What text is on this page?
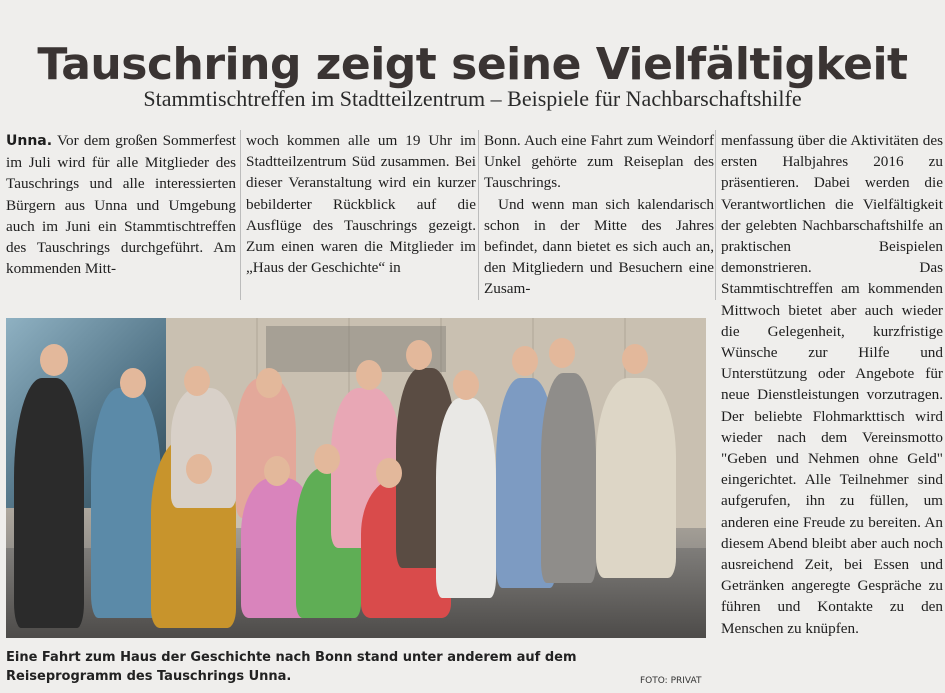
Tauschring zeigt seine Vielfältigkeit
Stammtischtreffen im Stadtteilzentrum – Beispiele für Nachbarschaftshilfe

Unna. Vor dem großen Sommerfest im Juli wird für alle Mitglieder des Tauschrings und alle interessierten Bürgern aus Unna und Umgebung auch im Juni ein Stammtischtreffen des Tauschrings durchgeführt. Am kommenden Mitt-

woch kommen alle um 19 Uhr im Stadtteilzentrum Süd zusammen. Bei dieser Veranstaltung wird ein kurzer bebilderter Rückblick auf die Ausflüge des Tauschrings gezeigt. Zum einen waren die Mitglieder im „Haus der Geschichte“ in

Bonn. Auch eine Fahrt zum Weindorf Unkel gehörte zum Reiseplan des Tauschrings.

Und wenn man sich kalendarisch schon in der Mitte des Jahres befindet, dann bietet es sich auch an, den Mitgliedern und Besuchern eine Zusam-

menfassung über die Aktivitäten des ersten Halbjahres 2016 zu präsentieren. Dabei werden die Verantwortlichen die Vielfältigkeit der gelebten Nachbarschaftshilfe an praktischen Beispielen demonstrieren. Das Stammtischtreffen am kommenden Mittwoch bietet aber auch wieder die Gelegenheit, kurzfristige Wünsche zur Hilfe und Unterstützung oder Angebote für neue Dienstleistungen vorzutragen. Der beliebte Flohmarkttisch wird wieder nach dem Vereinsmotto "Geben und Nehmen ohne Geld" eingerichtet. Alle Teilnehmer sind aufgerufen, ihn zu füllen, um anderen eine Freude zu bereiten. An diesem Abend bleibt aber auch noch ausreichend Zeit, bei Essen und Getränken angeregte Gespräche zu führen und Kontakte zu den Menschen zu knüpfen.

Eine Fahrt zum Haus der Geschichte nach Bonn stand unter anderem auf dem Reiseprogramm des Tauschrings Unna.	FOTO: PRIVAT
